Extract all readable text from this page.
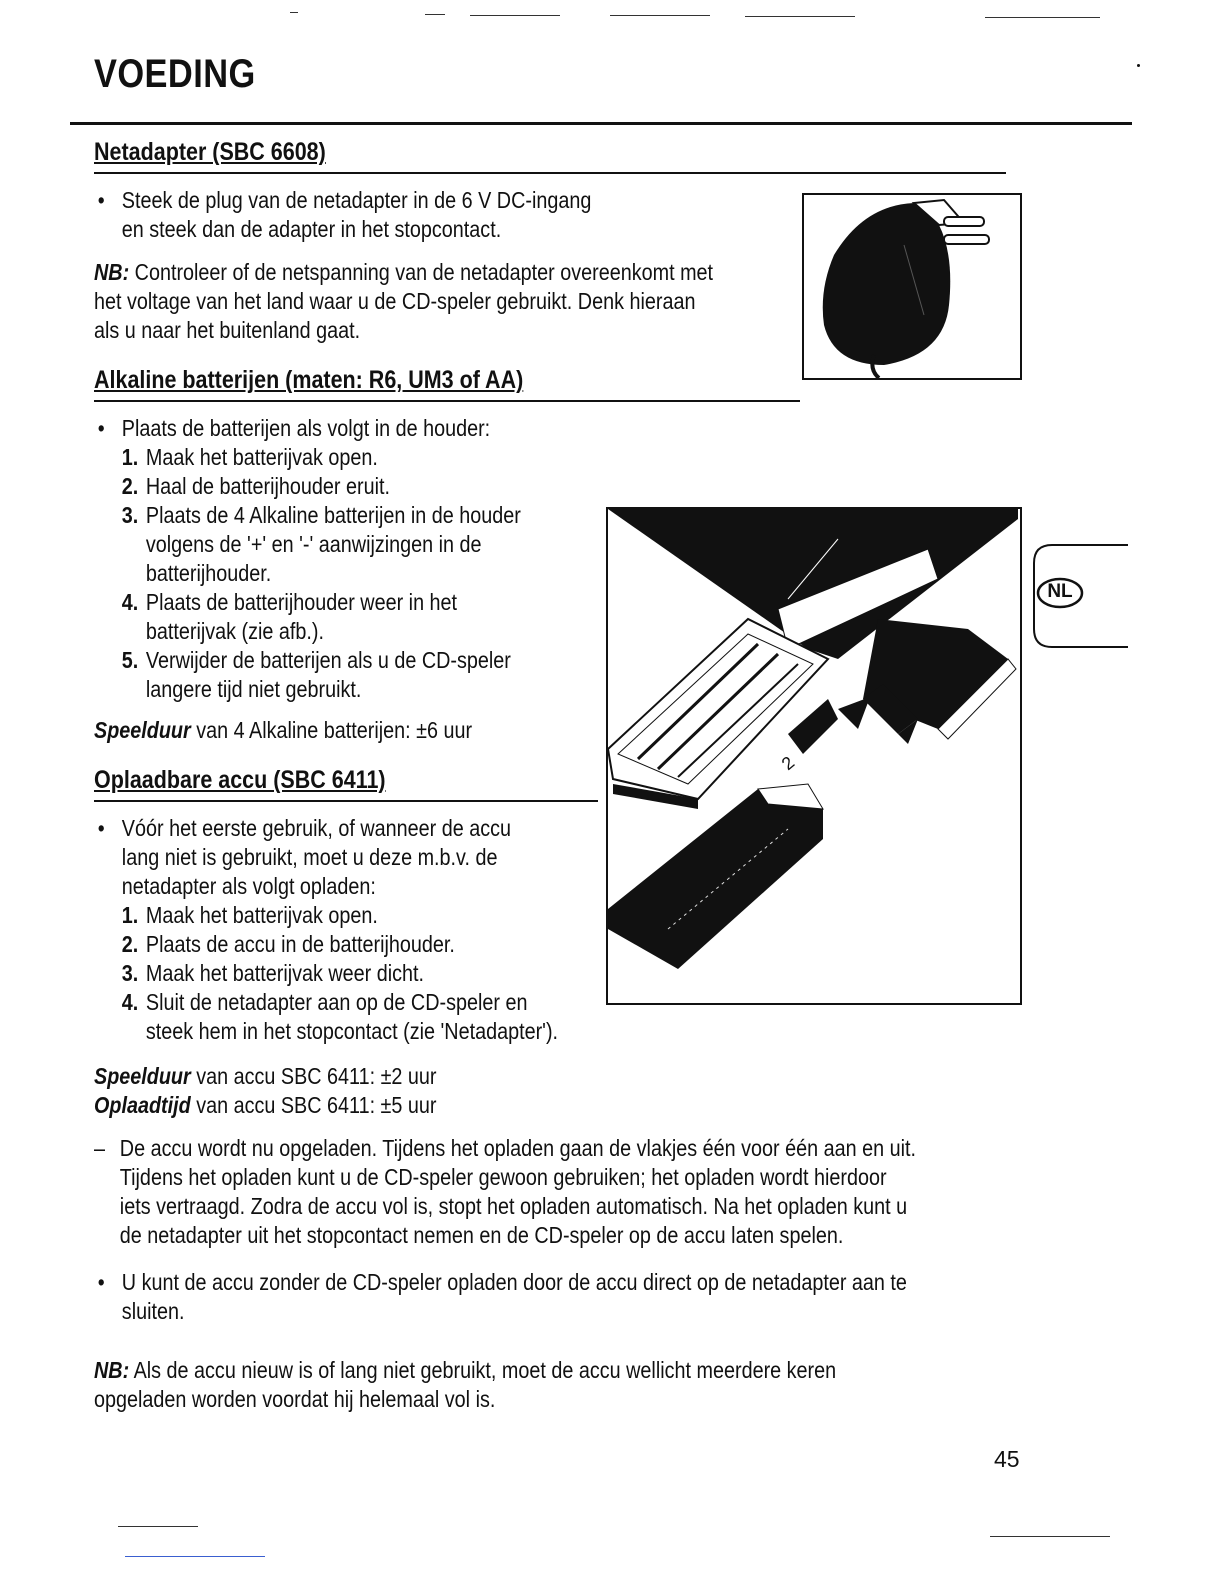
VOEDING
Netadapter (SBC 6608)
• Steek de plug van de netadapter in de 6 V DC-ingang
en steek dan de adapter in het stopcontact.
NB: Controleer of de netspanning van de netadapter overeenkomt met
het voltage van het land waar u de CD-speler gebruikt. Denk hieraan
als u naar het buitenland gaat.
Alkaline batterijen (maten: R6, UM3 of AA)
• Plaats de batterijen als volgt in de houder:
1. Maak het batterijvak open.
2. Haal de batterijhouder eruit.
3. Plaats de 4 Alkaline batterijen in de houder
volgens de '+' en '-' aanwijzingen in de
batterijhouder.
4. Plaats de batterijhouder weer in het
batterijvak (zie afb.).
5. Verwijder de batterijen als u de CD-speler
langere tijd niet gebruikt.
Speelduur van 4 Alkaline batterijen: ±6 uur
Oplaadbare accu (SBC 6411)
• Vóór het eerste gebruik, of wanneer de accu
lang niet is gebruikt, moet u deze m.b.v. de
netadapter als volgt opladen:
1. Maak het batterijvak open.
2. Plaats de accu in de batterijhouder.
3. Maak het batterijvak weer dicht.
4. Sluit de netadapter aan op de CD-speler en
steek hem in het stopcontact (zie 'Netadapter').
Speelduur van accu SBC 6411: ±2 uur
Oplaadtijd van accu SBC 6411: ±5 uur
2
NL
– De accu wordt nu opgeladen. Tijdens het opladen gaan de vlakjes één voor één aan en uit.
Tijdens het opladen kunt u de CD-speler gewoon gebruiken; het opladen wordt hierdoor
iets vertraagd. Zodra de accu vol is, stopt het opladen automatisch. Na het opladen kunt u
de netadapter uit het stopcontact nemen en de CD-speler op de accu laten spelen.
• U kunt de accu zonder de CD-speler opladen door de accu direct op de netadapter aan te
sluiten.
NB: Als de accu nieuw is of lang niet gebruikt, moet de accu wellicht meerdere keren
opgeladen worden voordat hij helemaal vol is.
45
